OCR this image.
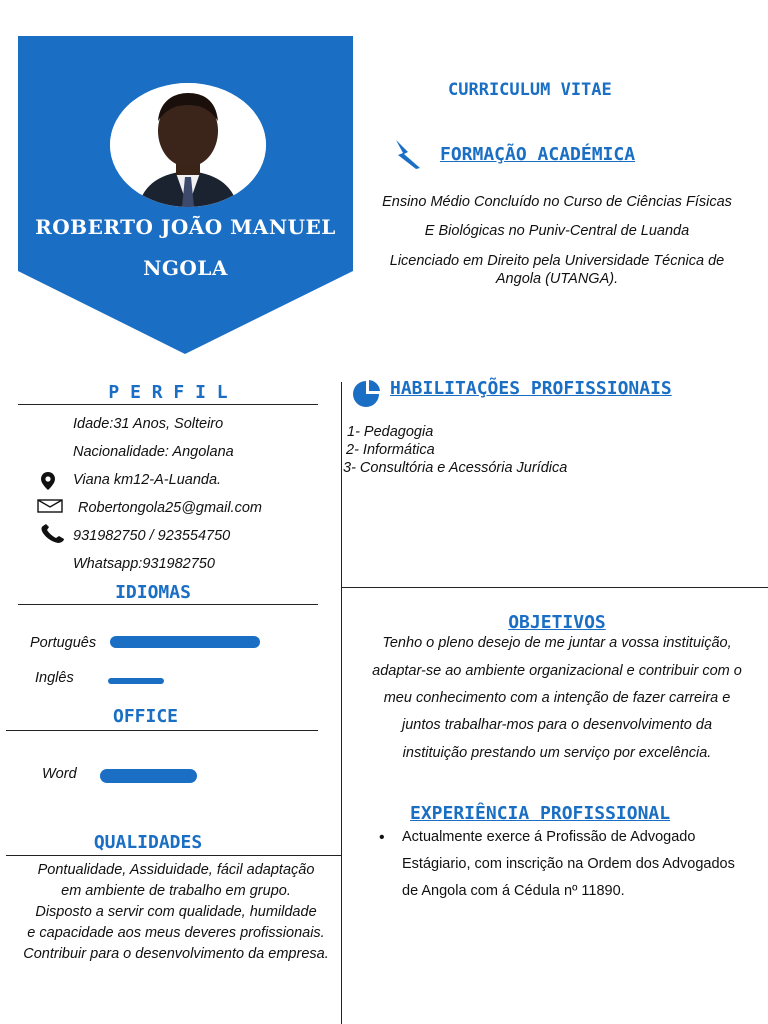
ROBERTO JOÃO MANUEL
NGOLA
CURRICULUM VITAE
FORMAÇÃO ACADÉMICA
Ensino Médio Concluído no Curso de Ciências Físicas
E Biológicas no Puniv-Central de Luanda
Licenciado em Direito pela Universidade Técnica de
Angola (UTANGA).
P E R F I L
Idade:31 Anos, Solteiro
Nacionalidade: Angolana
Viana km12-A-Luanda.
Robertongola25@gmail.com
931982750 / 923554750
Whatsapp:931982750
IDIOMAS
Português
Inglês
OFFICE
Word
QUALIDADES
Pontualidade, Assiduidade, fácil adaptação
em ambiente de trabalho em grupo.
Disposto a servir com qualidade, humildade
e capacidade aos meus deveres profissionais.
Contribuir para o desenvolvimento da empresa.
HABILITAÇÕES PROFISSIONAIS
1- Pedagogia
2- Informática
3- Consultória e Acessória Jurídica
OBJETIVOS
Tenho o pleno desejo de me juntar a vossa instituição,
adaptar-se ao ambiente organizacional e contribuir com o
meu conhecimento com a intenção de fazer carreira e
juntos trabalhar-mos para o desenvolvimento da
instituição prestando um serviço por excelência.
EXPERIÊNCIA PROFISSIONAL
• Actualmente exerce á Profissão de Advogado
Estágiario, com inscrição na Ordem dos Advogados
de Angola com á Cédula nº 11890.
